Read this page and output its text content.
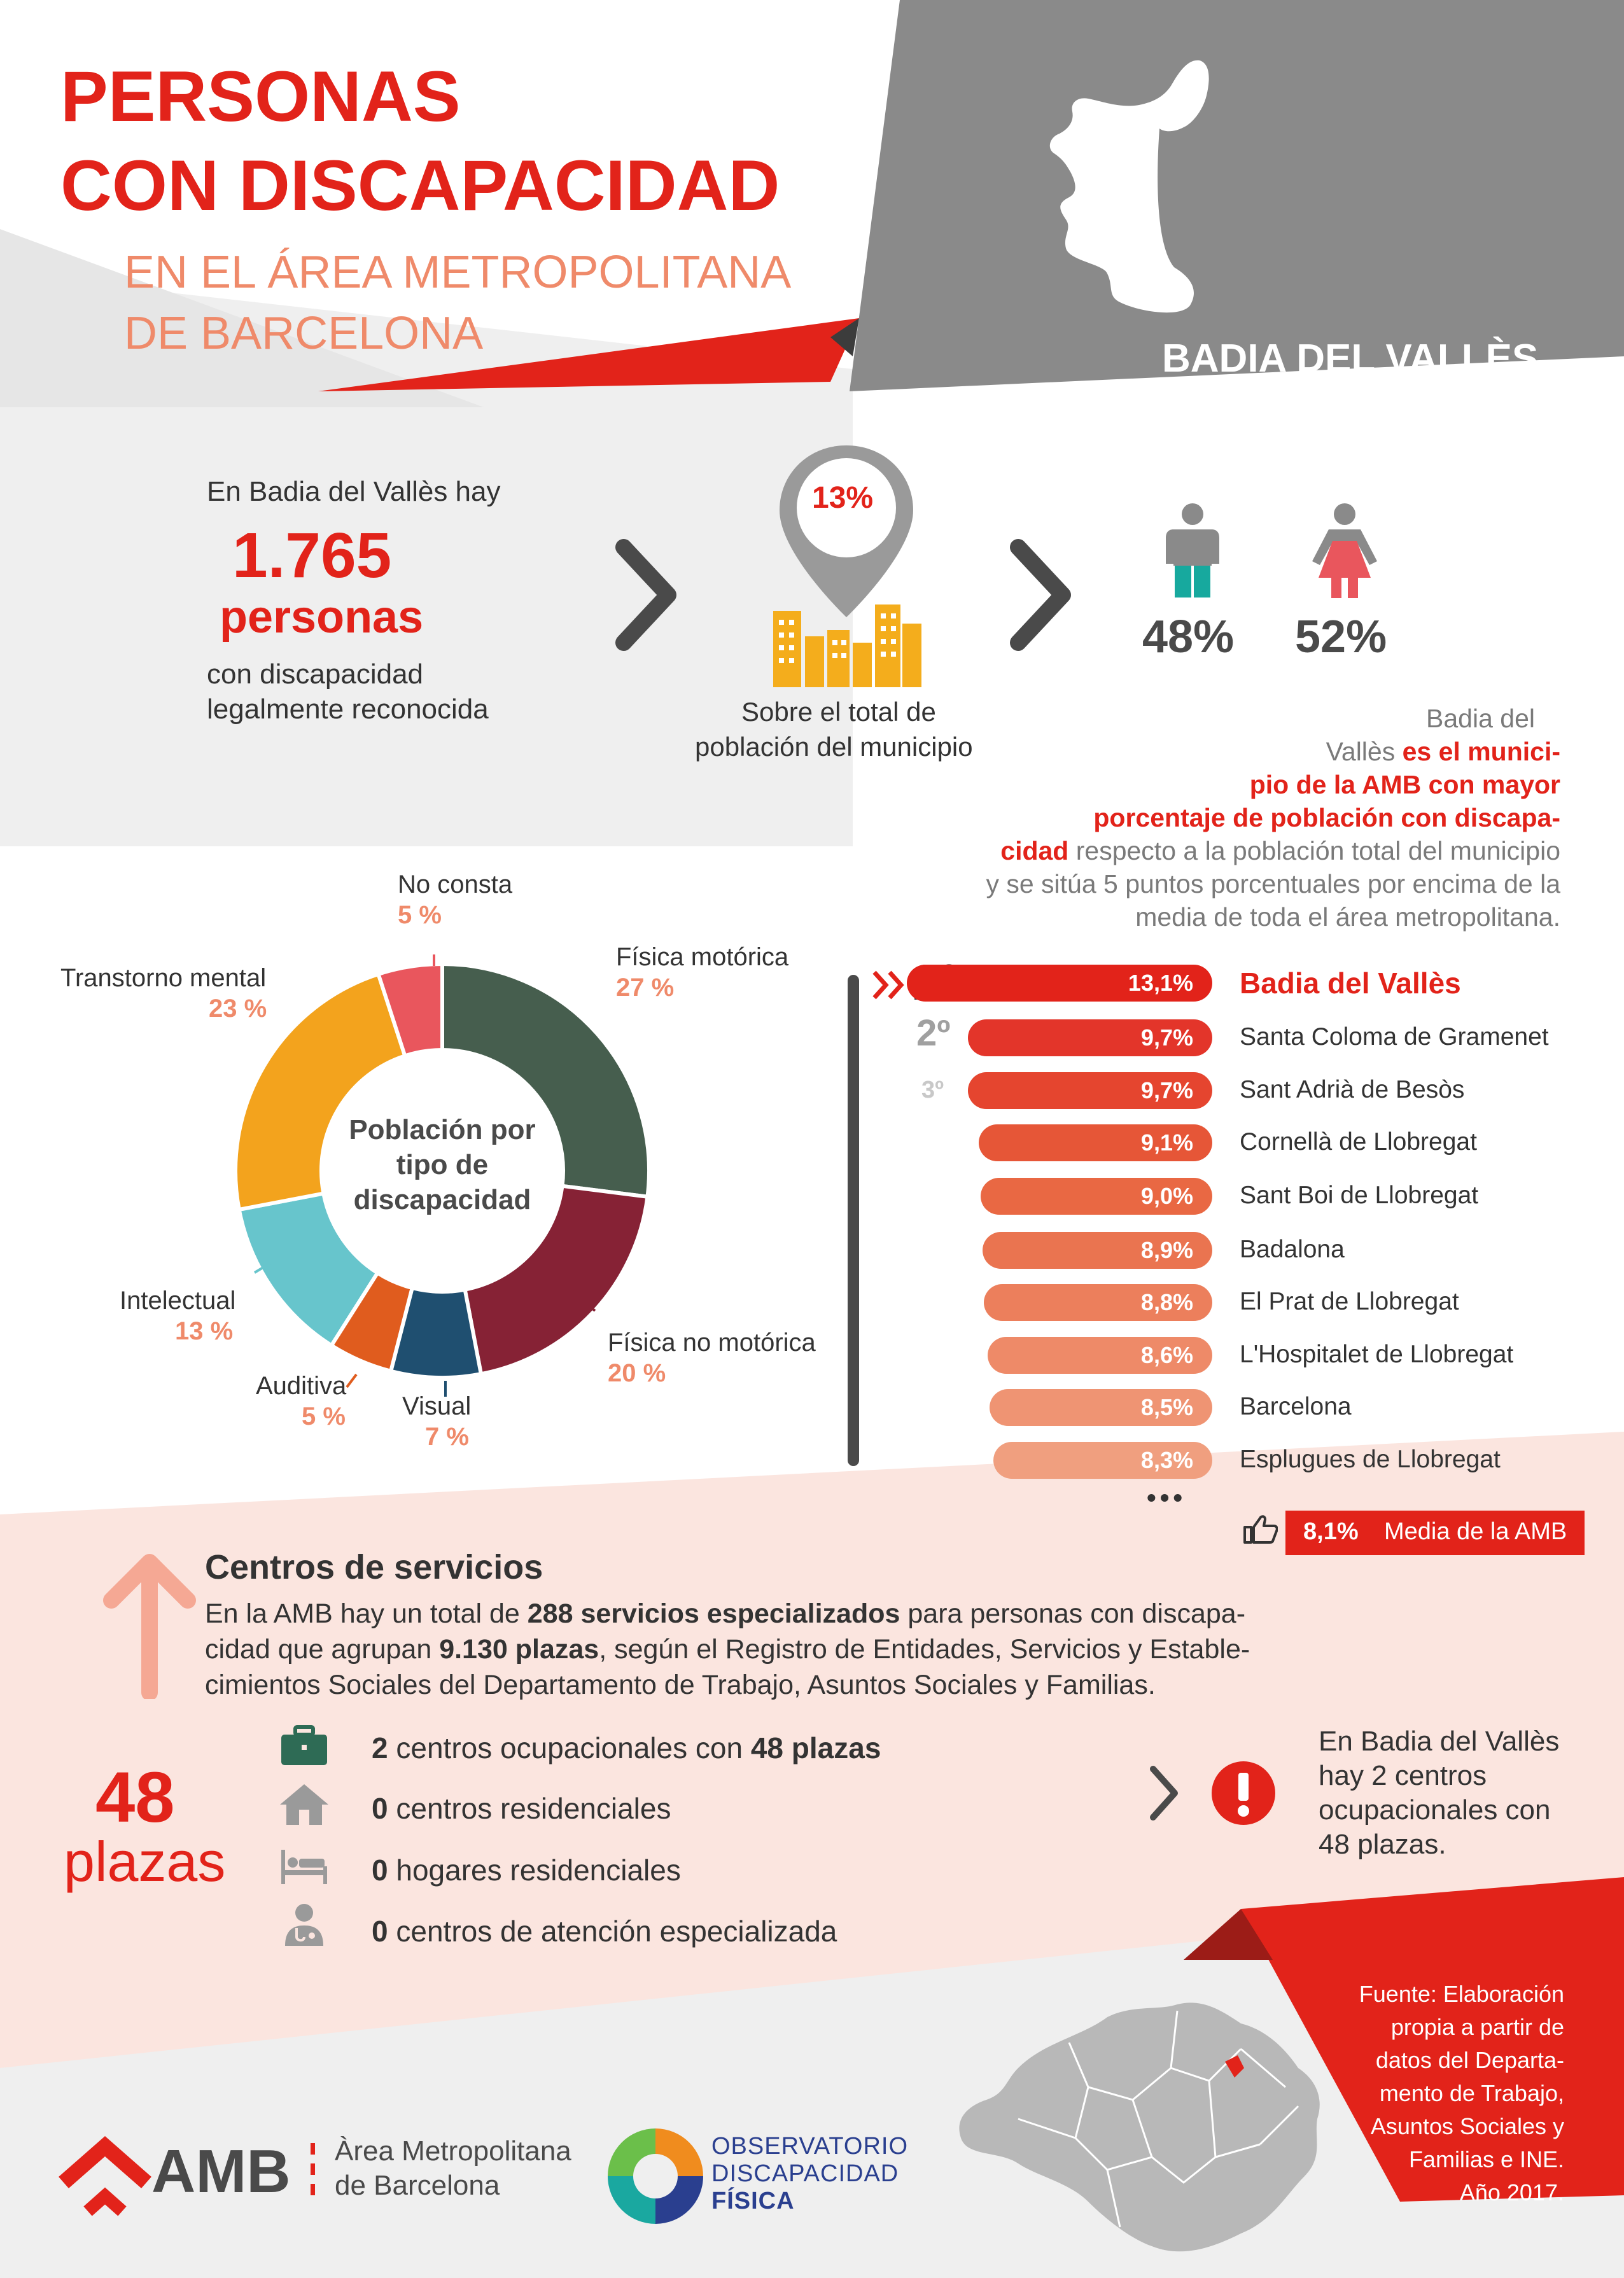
PERSONAS
CON DISCAPACIDAD
EN EL ÁREA METROPOLITANA
DE BARCELONA	BADIA DEL VALLÈS
En Badia del Vallès hay
1.765
personas
con discapacidad
legalmente reconocida
13%
Sobre el total de
población del municipio
48% 52%
Badia del
Vallès es el munici-
pio de la AMB con mayor
porcentaje de población con discapa-
cidad respecto a la población total del municipio
y se sitúa 5 puntos porcentuales por encima de la
media de toda el área metropolitana.
Población por
tipo de
discapacidad
Física motórica
27 %
Física no motórica
20 %
Visual
7 %
Auditiva
5 %
Intelectual
13 %
Transtorno mental
23 %
No consta
5 %
2º
3º
13,1%	Badia del Vallès
9,7%	Santa Coloma de Gramenet
9,7%	Sant Adrià de Besòs
9,1%	Cornellà de Llobregat
9,0%	Sant Boi de Llobregat
8,9%	Badalona
8,8%	El Prat de Llobregat
8,6%	L'Hospitalet de Llobregat
8,5%	Barcelona
8,3%	Esplugues de Llobregat
•••
8,1% Media de la AMB
Centros de servicios
En la AMB hay un total de 288 servicios especializados para personas con discapa-
cidad que agrupan 9.130 plazas, según el Registro de Entidades, Servicios y Estable-
cimientos Sociales del Departamento de Trabajo, Asuntos Sociales y Familias.
48
plazas
2 centros ocupacionales con 48 plazas
0 centros residenciales
0 hogares residenciales
0 centros de atención especializada
En Badia del Vallès
hay 2 centros
ocupacionales con
48 plazas.
Fuente: Elaboración
propia a partir de
datos del Departa-
mento de Trabajo,
Asuntos Sociales y
Familias e INE.
Año 2017.
AMB Àrea Metropolitana
de Barcelona
OBSERVATORIO
DISCAPACIDAD
FÍSICA
